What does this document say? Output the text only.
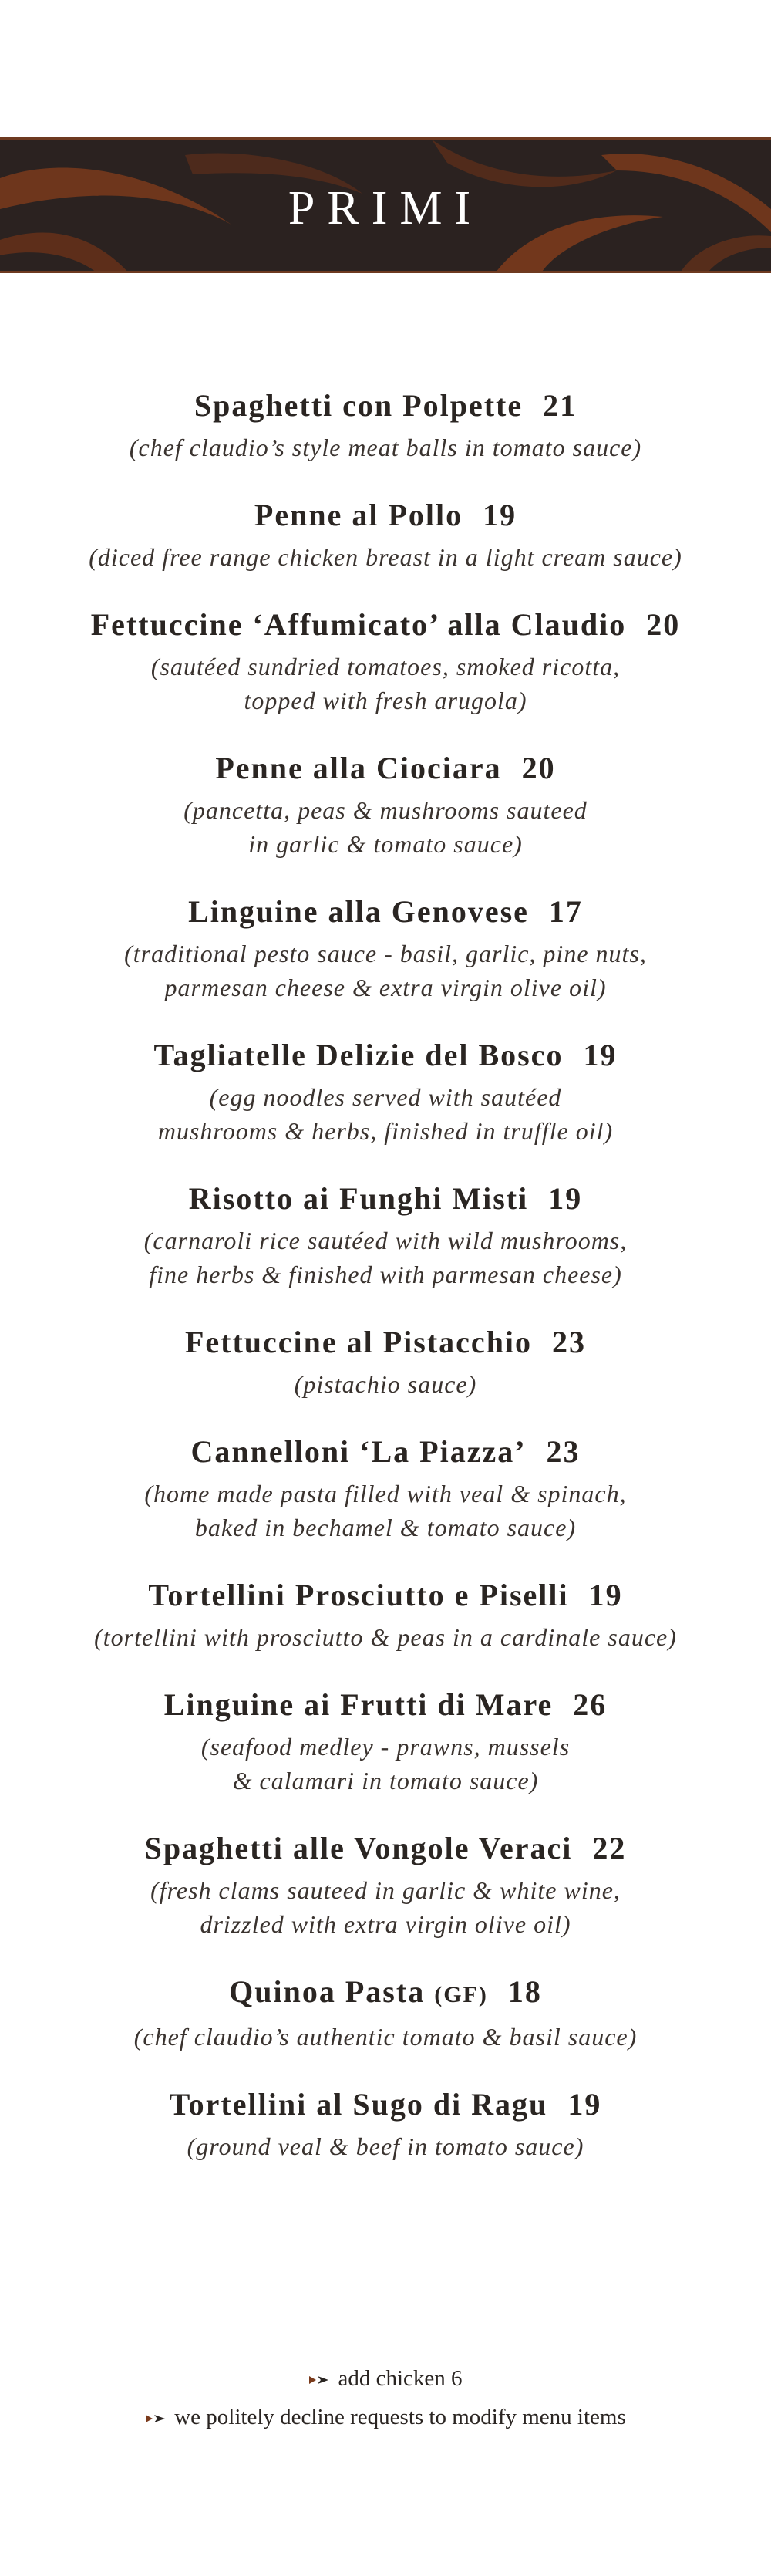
PRIMI
Spaghetti con Polpette 21
(chef claudio’s style meat balls in tomato sauce)
Penne al Pollo 19
(diced free range chicken breast in a light cream sauce)
Fettuccine ‘Affumicato’ alla Claudio 20
(sautéed sundried tomatoes, smoked ricotta,
topped with fresh arugola)
Penne alla Ciociara 20
(pancetta, peas & mushrooms sauteed
in garlic & tomato sauce)
Linguine alla Genovese 17
(traditional pesto sauce - basil, garlic, pine nuts,
parmesan cheese & extra virgin olive oil)
Tagliatelle Delizie del Bosco 19
(egg noodles served with sautéed
mushrooms & herbs, finished in truffle oil)
Risotto ai Funghi Misti 19
(carnaroli rice sautéed with wild mushrooms,
fine herbs & finished with parmesan cheese)
Fettuccine al Pistacchio 23
(pistachio sauce)
Cannelloni ‘La Piazza’ 23
(home made pasta filled with veal & spinach,
baked in bechamel & tomato sauce)
Tortellini Prosciutto e Piselli 19
(tortellini with prosciutto & peas in a cardinale sauce)
Linguine ai Frutti di Mare 26
(seafood medley - prawns, mussels
& calamari in tomato sauce)
Spaghetti alle Vongole Veraci 22
(fresh clams sauteed in garlic & white wine,
drizzled with extra virgin olive oil)
Quinoa Pasta (GF) 18
(chef claudio’s authentic tomato & basil sauce)
Tortellini al Sugo di Ragu 19
(ground veal & beef in tomato sauce)
add chicken 6
we politely decline requests to modify menu items
